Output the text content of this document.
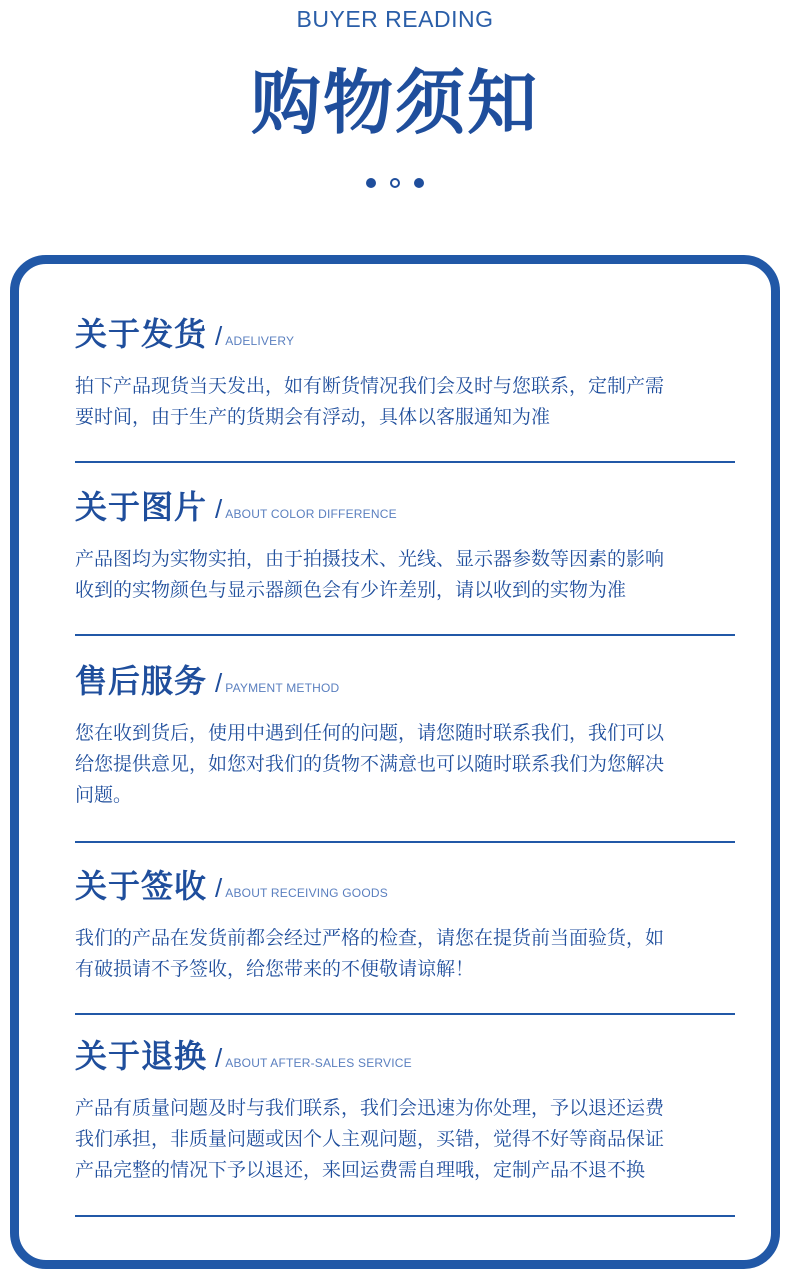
BUYER READING
购物须知
关于发货 / ADELIVERY

拍下产品现货当天发出，如有断货情况我们会及时与您联系，定制产需

要时间，由于生产的货期会有浮动，具体以客服通知为准

关于图片 / ABOUT COLOR DIFFERENCE

产品图均为实物实拍，由于拍摄技术、光线、显示器参数等因素的影响

收到的实物颜色与显示器颜色会有少许差别，请以收到的实物为准

售后服务 / PAYMENT METHOD

您在收到货后，使用中遇到任何的问题，请您随时联系我们，我们可以

给您提供意见，如您对我们的货物不满意也可以随时联系我们为您解决

问题。

关于签收 / ABOUT RECEIVING GOODS

我们的产品在发货前都会经过严格的检查，请您在提货前当面验货，如

有破损请不予签收，给您带来的不便敬请谅解！

关于退换 / ABOUT AFTER-SALES SERVICE

产品有质量问题及时与我们联系，我们会迅速为你处理，予以退还运费

我们承担，非质量问题或因个人主观问题，买错，觉得不好等商品保证

产品完整的情况下予以退还，来回运费需自理哦，定制产品不退不换
